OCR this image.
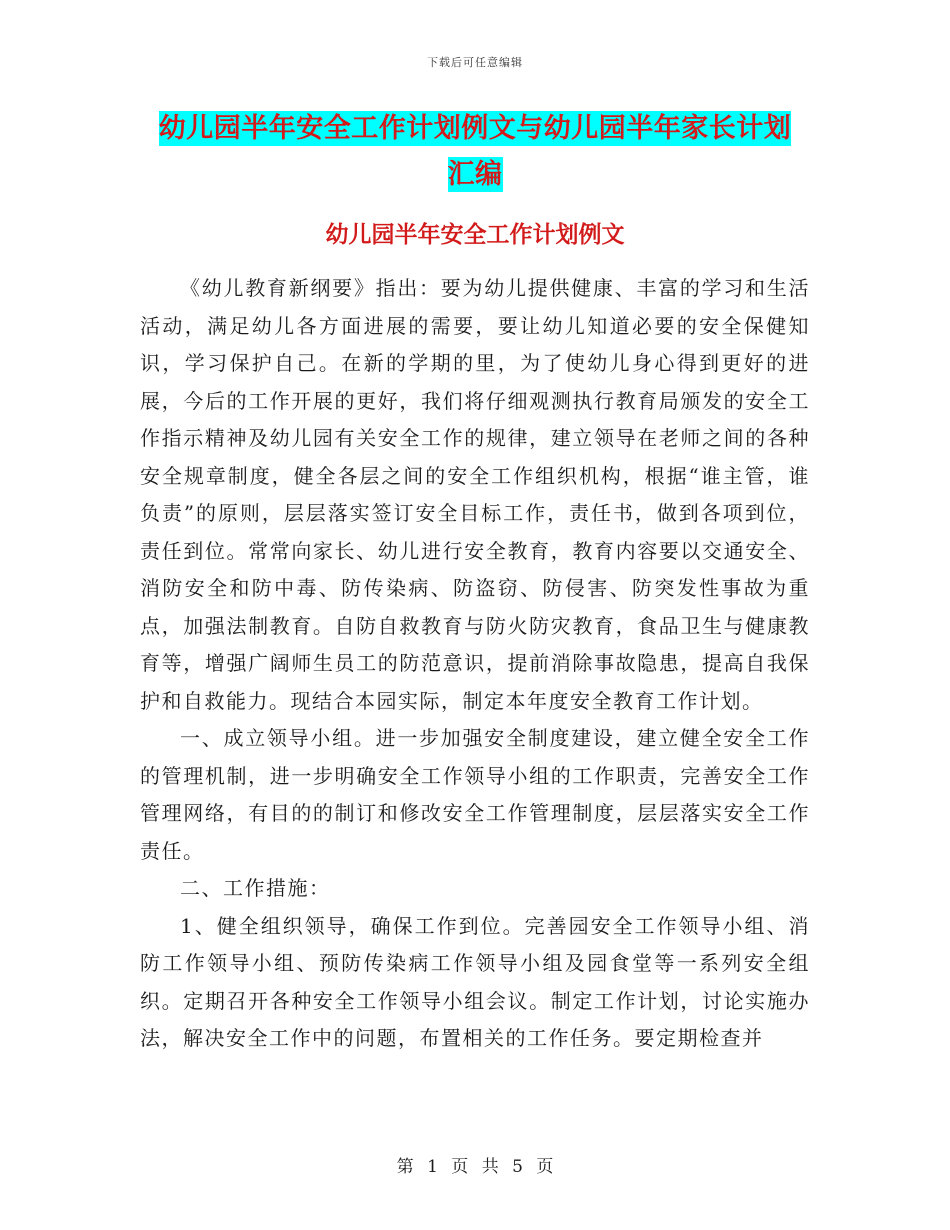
下载后可任意编辑
幼儿园半年安全工作计划例文与幼儿园半年家长计划
汇编
幼儿园半年安全工作计划例文

《幼儿教育新纲要》指出：要为幼儿提供健康、丰富的学习和生活活动，满足幼儿各方面进展的需要，要让幼儿知道必要的安全保健知识，学习保护自己。在新的学期的里，为了使幼儿身心得到更好的进展，今后的工作开展的更好，我们将仔细观测执行教育局颁发的安全工作指示精神及幼儿园有关安全工作的规律，建立领导在老师之间的各种安全规章制度，健全各层之间的安全工作组织机构，根据“谁主管，谁负责”的原则，层层落实签订安全目标工作，责任书，做到各项到位，责任到位。常常向家长、幼儿进行安全教育，教育内容要以交通安全、消防安全和防中毒、防传染病、防盗窃、防侵害、防突发性事故为重点，加强法制教育。自防自救教育与防火防灾教育，食品卫生与健康教育等，增强广阔师生员工的防范意识，提前消除事故隐患，提高自我保护和自救能力。现结合本园实际，制定本年度安全教育工作计划。

一、成立领导小组。进一步加强安全制度建设，建立健全安全工作的管理机制，进一步明确安全工作领导小组的工作职责，完善安全工作管理网络，有目的的制订和修改安全工作管理制度，层层落实安全工作责任。

二、工作措施：

1、健全组织领导，确保工作到位。完善园安全工作领导小组、消防工作领导小组、预防传染病工作领导小组及园食堂等一系列安全组织。定期召开各种安全工作领导小组会议。制定工作计划，讨论实施办法，解决安全工作中的问题，布置相关的工作任务。要定期检查并

第 1 页 共 5 页
